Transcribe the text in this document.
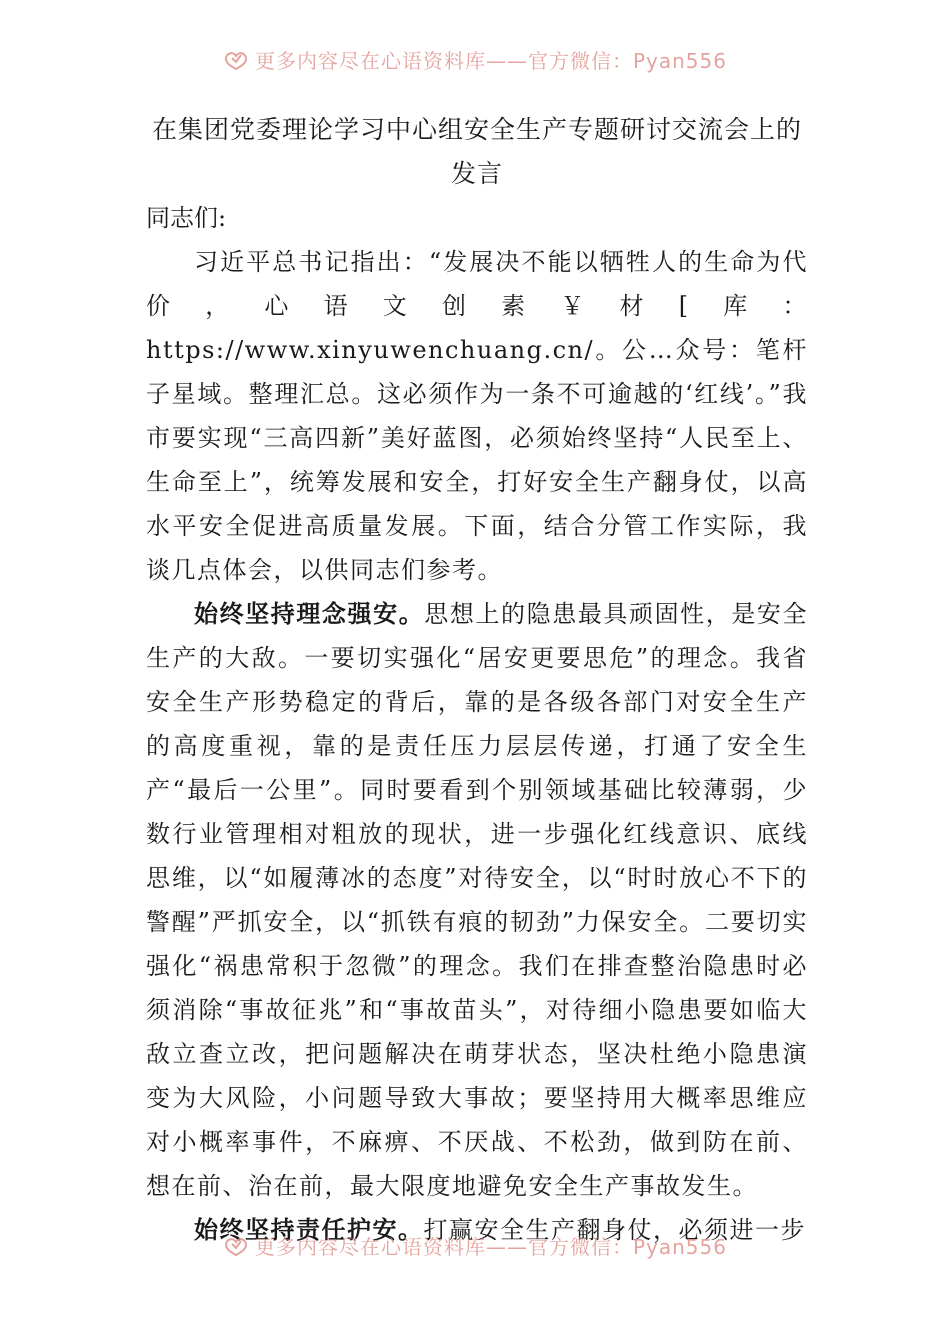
更多内容尽在心语资料库——官方微信：Pyan556
在集团党委理论学习中心组安全生产专题研讨交流会上的
发言

同志们:

习近平总书记指出：“发展决不能以牺牲人的生命为代价，心语文创素￥材[库：https://www.xinyuwenchuang.cn/。公…众号：笔杆子星域。整理汇总。这必须作为一条不可逾越的‘红线’。”我市要实现“三高四新”美好蓝图，必须始终坚持“人民至上、生命至上”，统筹发展和安全，打好安全生产翻身仗，以高水平安全促进高质量发展。下面，结合分管工作实际，我谈几点体会，以供同志们参考。

始终坚持理念强安。思想上的隐患最具顽固性，是安全生产的大敌。一要切实强化“居安更要思危”的理念。我省安全生产形势稳定的背后，靠的是各级各部门对安全生产的高度重视，靠的是责任压力层层传递，打通了安全生产“最后一公里”。同时要看到个别领域基础比较薄弱，少数行业管理相对粗放的现状，进一步强化红线意识、底线思维，以“如履薄冰的态度”对待安全，以“时时放心不下的警醒”严抓安全，以“抓铁有痕的韧劲”力保安全。二要切实强化“祸患常积于忽微”的理念。我们在排查整治隐患时必须消除“事故征兆”和“事故苗头”，对待细小隐患要如临大敌立查立改，把问题解决在萌芽状态，坚决杜绝小隐患演变为大风险，小问题导致大事故；要坚持用大概率思维应对小概率事件，不麻痹、不厌战、不松劲，做到防在前、想在前、治在前，最大限度地避免安全生产事故发生。

始终坚持责任护安。打赢安全生产翻身仗，必须进一步

更多内容尽在心语资料库——官方微信：Pyan556
